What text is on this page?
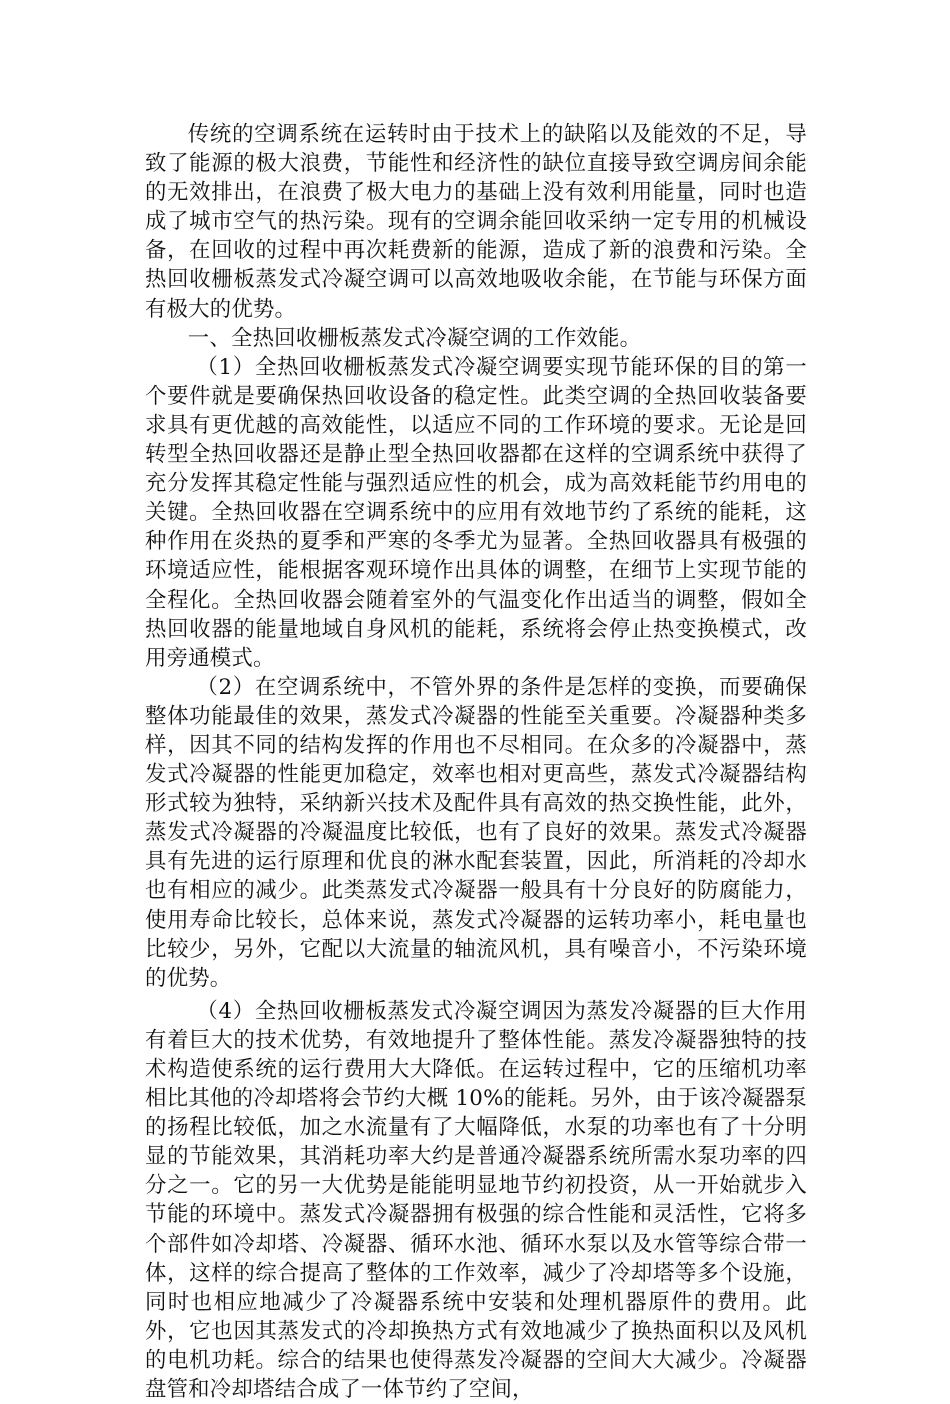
传统的空调系统在运转时由于技术上的缺陷以及能效的不足，导致了能源的极大浪费，节能性和经济性的缺位直接导致空调房间余能的无效排出，在浪费了极大电力的基础上没有效利用能量，同时也造成了城市空气的热污染。现有的空调余能回收采纳一定专用的机械设备，在回收的过程中再次耗费新的能源，造成了新的浪费和污染。全热回收栅板蒸发式冷凝空调可以高效地吸收余能，在节能与环保方面有极大的优势。

一、全热回收栅板蒸发式冷凝空调的工作效能。

（1）全热回收栅板蒸发式冷凝空调要实现节能环保的目的第一个要件就是要确保热回收设备的稳定性。此类空调的全热回收装备要求具有更优越的高效能性，以适应不同的工作环境的要求。无论是回转型全热回收器还是静止型全热回收器都在这样的空调系统中获得了充分发挥其稳定性能与强烈适应性的机会，成为高效耗能节约用电的关键。全热回收器在空调系统中的应用有效地节约了系统的能耗，这种作用在炎热的夏季和严寒的冬季尤为显著。全热回收器具有极强的环境适应性，能根据客观环境作出具体的调整，在细节上实现节能的全程化。全热回收器会随着室外的气温变化作出适当的调整，假如全热回收器的能量地域自身风机的能耗，系统将会停止热变换模式，改用旁通模式。

（2）在空调系统中，不管外界的条件是怎样的变换，而要确保整体功能最佳的效果，蒸发式冷凝器的性能至关重要。冷凝器种类多样，因其不同的结构发挥的作用也不尽相同。在众多的冷凝器中，蒸发式冷凝器的性能更加稳定，效率也相对更高些，蒸发式冷凝器结构形式较为独特，采纳新兴技术及配件具有高效的热交换性能，此外，蒸发式冷凝器的冷凝温度比较低，也有了良好的效果。蒸发式冷凝器具有先进的运行原理和优良的淋水配套装置，因此，所消耗的冷却水也有相应的减少。此类蒸发式冷凝器一般具有十分良好的防腐能力，使用寿命比较长，总体来说，蒸发式冷凝器的运转功率小，耗电量也比较少，另外，它配以大流量的轴流风机，具有噪音小，不污染环境的优势。

（4）全热回收栅板蒸发式冷凝空调因为蒸发冷凝器的巨大作用有着巨大的技术优势，有效地提升了整体性能。蒸发冷凝器独特的技术构造使系统的运行费用大大降低。在运转过程中，它的压缩机功率相比其他的冷却塔将会节约大概 10%的能耗。另外，由于该冷凝器泵的扬程比较低，加之水流量有了大幅降低，水泵的功率也有了十分明显的节能效果，其消耗功率大约是普通冷凝器系统所需水泵功率的四分之一。它的另一大优势是能能明显地节约初投资，从一开始就步入节能的环境中。蒸发式冷凝器拥有极强的综合性能和灵活性，它将多个部件如冷却塔、冷凝器、循环水池、循环水泵以及水管等综合带一体，这样的综合提高了整体的工作效率，减少了冷却塔等多个设施，同时也相应地减少了冷凝器系统中安装和处理机器原件的费用。此外，它也因其蒸发式的冷却换热方式有效地减少了换热面积以及风机的电机功耗。综合的结果也使得蒸发冷凝器的空间大大减少。冷凝器盘管和冷却塔结合成了一体节约了空间，
